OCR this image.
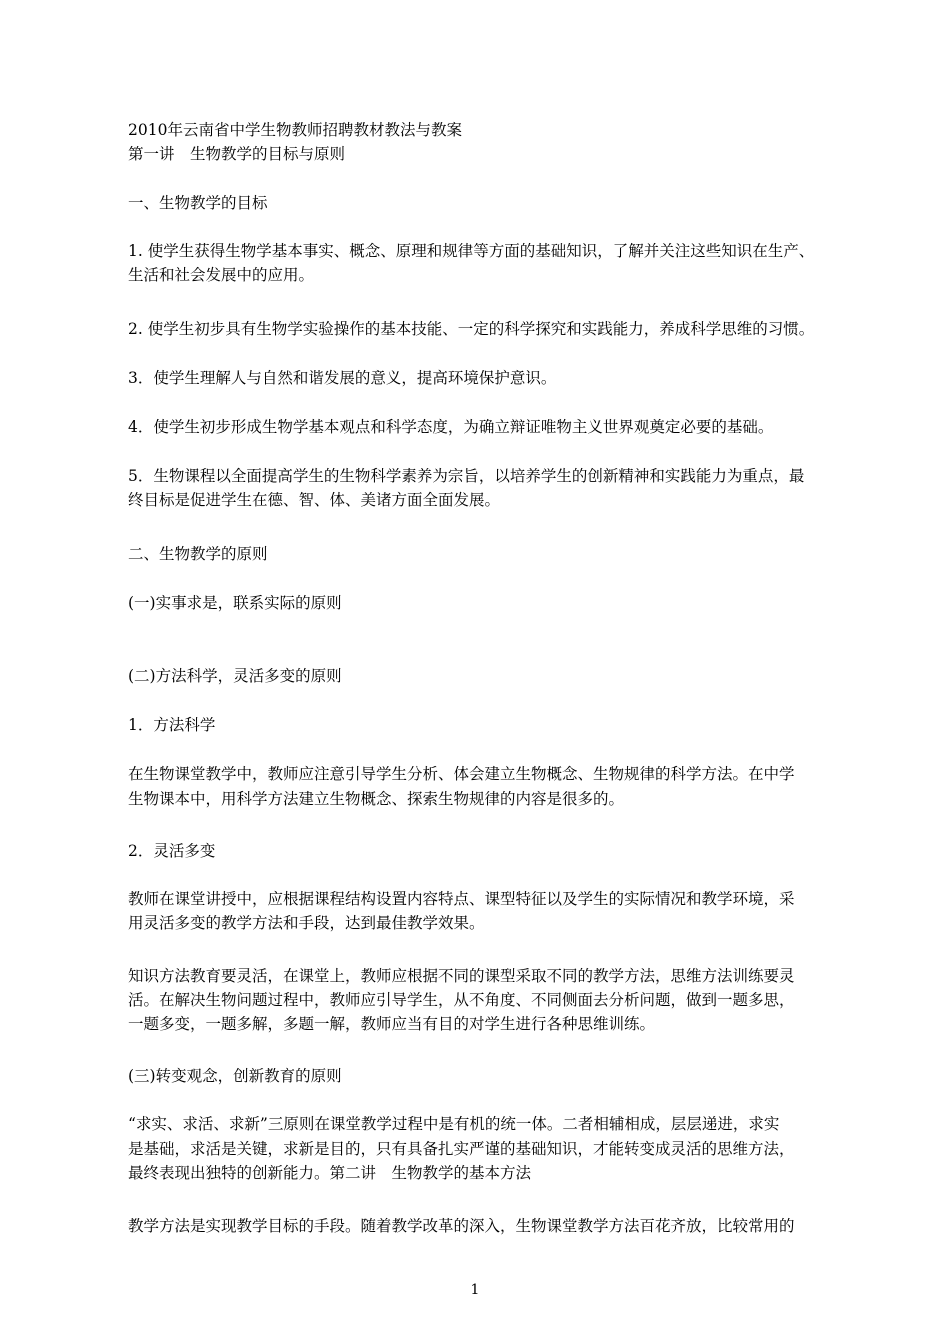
2010年云南省中学生物教师招聘教材教法与教案
第一讲　生物教学的目标与原则
一、生物教学的目标
1. 使学生获得生物学基本事实、概念、原理和规律等方面的基础知识，了解并关注这些知识在生产、
生活和社会发展中的应用。
2. 使学生初步具有生物学实验操作的基本技能、一定的科学探究和实践能力，养成科学思维的习惯。
3．使学生理解人与自然和谐发展的意义，提高环境保护意识。
4．使学生初步形成生物学基本观点和科学态度，为确立辩证唯物主义世界观奠定必要的基础。
5．生物课程以全面提高学生的生物科学素养为宗旨，以培养学生的创新精神和实践能力为重点，最
终目标是促进学生在德、智、体、美诸方面全面发展。
二、生物教学的原则
(一)实事求是，联系实际的原则
(二)方法科学，灵活多变的原则
1．方法科学
在生物课堂教学中，教师应注意引导学生分析、体会建立生物概念、生物规律的科学方法。在中学
生物课本中，用科学方法建立生物概念、探索生物规律的内容是很多的。
2．灵活多变
教师在课堂讲授中，应根据课程结构设置内容特点、课型特征以及学生的实际情况和教学环境，采
用灵活多变的教学方法和手段，达到最佳教学效果。
知识方法教育要灵活，在课堂上，教师应根据不同的课型采取不同的教学方法，思维方法训练要灵
活。在解决生物问题过程中，教师应引导学生，从不角度、不同侧面去分析问题，做到一题多思，
一题多变，一题多解，多题一解，教师应当有目的对学生进行各种思维训练。
(三)转变观念，创新教育的原则
“求实、求活、求新”三原则在课堂教学过程中是有机的统一体。二者相辅相成，层层递进，求实
是基础，求活是关键，求新是目的，只有具备扎实严谨的基础知识，才能转变成灵活的思维方法，
最终表现出独特的创新能力。第二讲　生物教学的基本方法
教学方法是实现教学目标的手段。随着教学改革的深入，生物课堂教学方法百花齐放，比较常用的
1
